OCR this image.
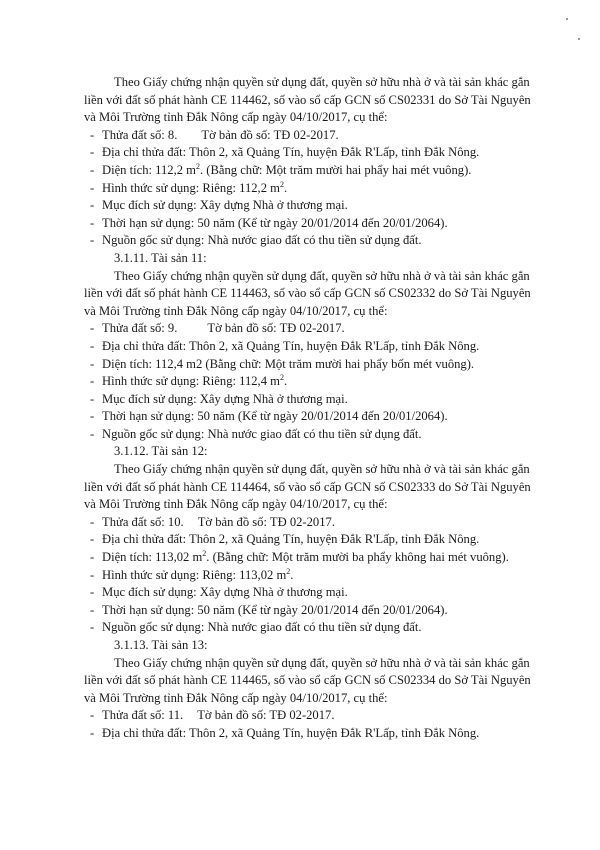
Theo Giấy chứng nhận quyền sử dụng đất, quyền sở hữu nhà ở và tài sản khác gắn
liền với đất số phát hành CE 114462, số vào sổ cấp GCN số CS02331 do Sở Tài Nguyên
và Môi Trường tỉnh Đắk Nông cấp ngày 04/10/2017, cụ thể:
- Thửa đất số: 8. Tờ bản đồ số: TĐ 02-2017.
- Địa chỉ thửa đất: Thôn 2, xã Quảng Tín, huyện Đắk R'Lấp, tỉnh Đắk Nông.
- Diện tích: 112,2 $m^2$. (Bằng chữ: Một trăm mười hai phẩy hai mét vuông).
- Hình thức sử dụng: Riêng: 112,2 $m^2$.
- Mục đích sử dụng: Xây dựng Nhà ở thương mại.
- Thời hạn sử dụng: 50 năm (Kể từ ngày 20/01/2014 đến 20/01/2064).
- Nguồn gốc sử dụng: Nhà nước giao đất có thu tiền sử dụng đất.
3.1.11. Tài sản 11:
Theo Giấy chứng nhận quyền sử dụng đất, quyền sở hữu nhà ở và tài sản khác gắn
liền với đất số phát hành CE 114463, số vào sổ cấp GCN số CS02332 do Sở Tài Nguyên
và Môi Trường tỉnh Đắk Nông cấp ngày 04/10/2017, cụ thể:
- Thửa đất số: 9. Tờ bản đồ số: TĐ 02-2017.
- Địa chỉ thửa đất: Thôn 2, xã Quảng Tín, huyện Đắk R'Lấp, tỉnh Đắk Nông.
- Diện tích: 112,4 m2 (Bằng chữ: Một trăm mười hai phẩy bốn mét vuông).
- Hình thức sử dụng: Riêng: 112,4 $m^2$.
- Mục đích sử dụng: Xây dựng Nhà ở thương mại.
- Thời hạn sử dụng: 50 năm (Kể từ ngày 20/01/2014 đến 20/01/2064).
- Nguồn gốc sử dụng: Nhà nước giao đất có thu tiền sử dụng đất.
3.1.12. Tài sản 12:
Theo Giấy chứng nhận quyền sử dụng đất, quyền sở hữu nhà ở và tài sản khác gắn
liền với đất số phát hành CE 114464, số vào sổ cấp GCN số CS02333 do Sở Tài Nguyên
và Môi Trường tỉnh Đắk Nông cấp ngày 04/10/2017, cụ thể:
- Thửa đất số: 10. Tờ bản đồ số: TĐ 02-2017.
- Địa chỉ thửa đất: Thôn 2, xã Quảng Tín, huyện Đắk R'Lấp, tỉnh Đắk Nông.
- Diện tích: 113,02 $m^2$. (Bằng chữ: Một trăm mười ba phẩy không hai mét vuông).
- Hình thức sử dụng: Riêng: 113,02 $m^2$.
- Mục đích sử dụng: Xây dựng Nhà ở thương mại.
- Thời hạn sử dụng: 50 năm (Kể từ ngày 20/01/2014 đến 20/01/2064).
- Nguồn gốc sử dụng: Nhà nước giao đất có thu tiền sử dụng đất.
3.1.13. Tài sản 13:
Theo Giấy chứng nhận quyền sử dụng đất, quyền sở hữu nhà ở và tài sản khác gắn
liền với đất số phát hành CE 114465, số vào sổ cấp GCN số CS02334 do Sở Tài Nguyên
và Môi Trường tỉnh Đắk Nông cấp ngày 04/10/2017, cụ thể:
- Thửa đất số: 11. Tờ bản đồ số: TĐ 02-2017.
- Địa chỉ thửa đất: Thôn 2, xã Quảng Tín, huyện Đắk R'Lấp, tỉnh Đắk Nông.
